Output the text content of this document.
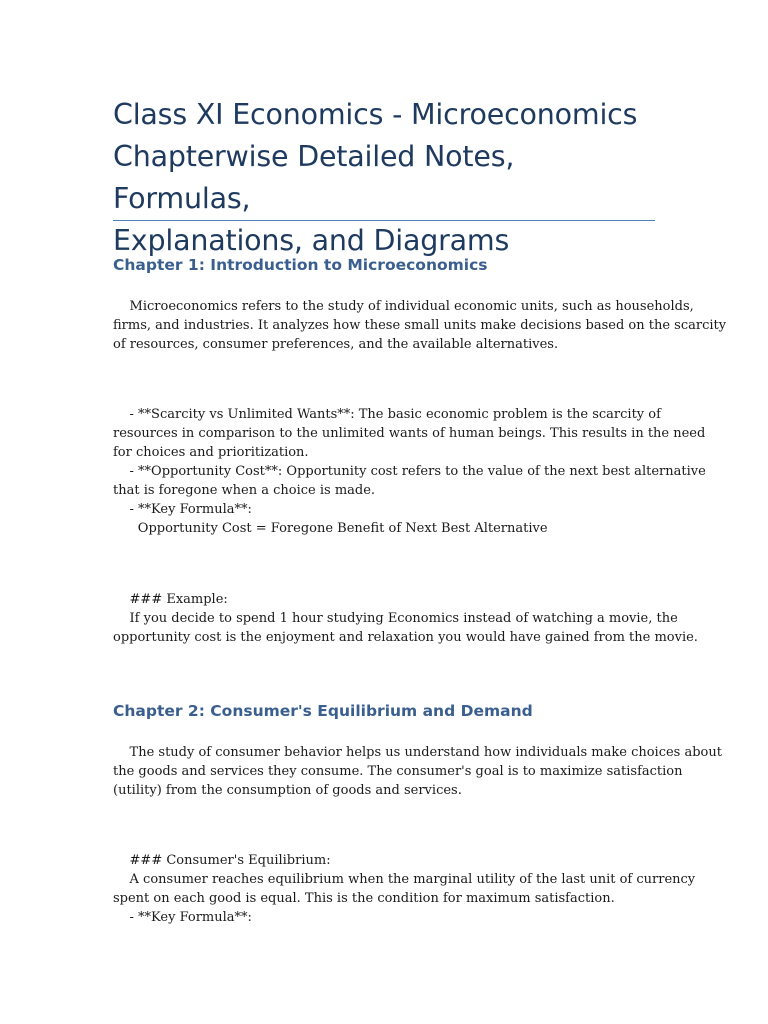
Class XI Economics - Microeconomics
Chapterwise Detailed Notes, Formulas,
Explanations, and Diagrams
Chapter 1: Introduction to Microeconomics

Microeconomics refers to the study of individual economic units, such as households,

firms, and industries. It analyzes how these small units make decisions based on the scarcity

of resources, consumer preferences, and the available alternatives.

- **Scarcity vs Unlimited Wants**: The basic economic problem is the scarcity of

resources in comparison to the unlimited wants of human beings. This results in the need

for choices and prioritization.

- **Opportunity Cost**: Opportunity cost refers to the value of the next best alternative

that is foregone when a choice is made.

- **Key Formula**:

Opportunity Cost = Foregone Benefit of Next Best Alternative

### Example:

If you decide to spend 1 hour studying Economics instead of watching a movie, the

opportunity cost is the enjoyment and relaxation you would have gained from the movie.

Chapter 2: Consumer's Equilibrium and Demand

The study of consumer behavior helps us understand how individuals make choices about

the goods and services they consume. The consumer's goal is to maximize satisfaction

(utility) from the consumption of goods and services.

### Consumer's Equilibrium:

A consumer reaches equilibrium when the marginal utility of the last unit of currency

spent on each good is equal. This is the condition for maximum satisfaction.

- **Key Formula**:
